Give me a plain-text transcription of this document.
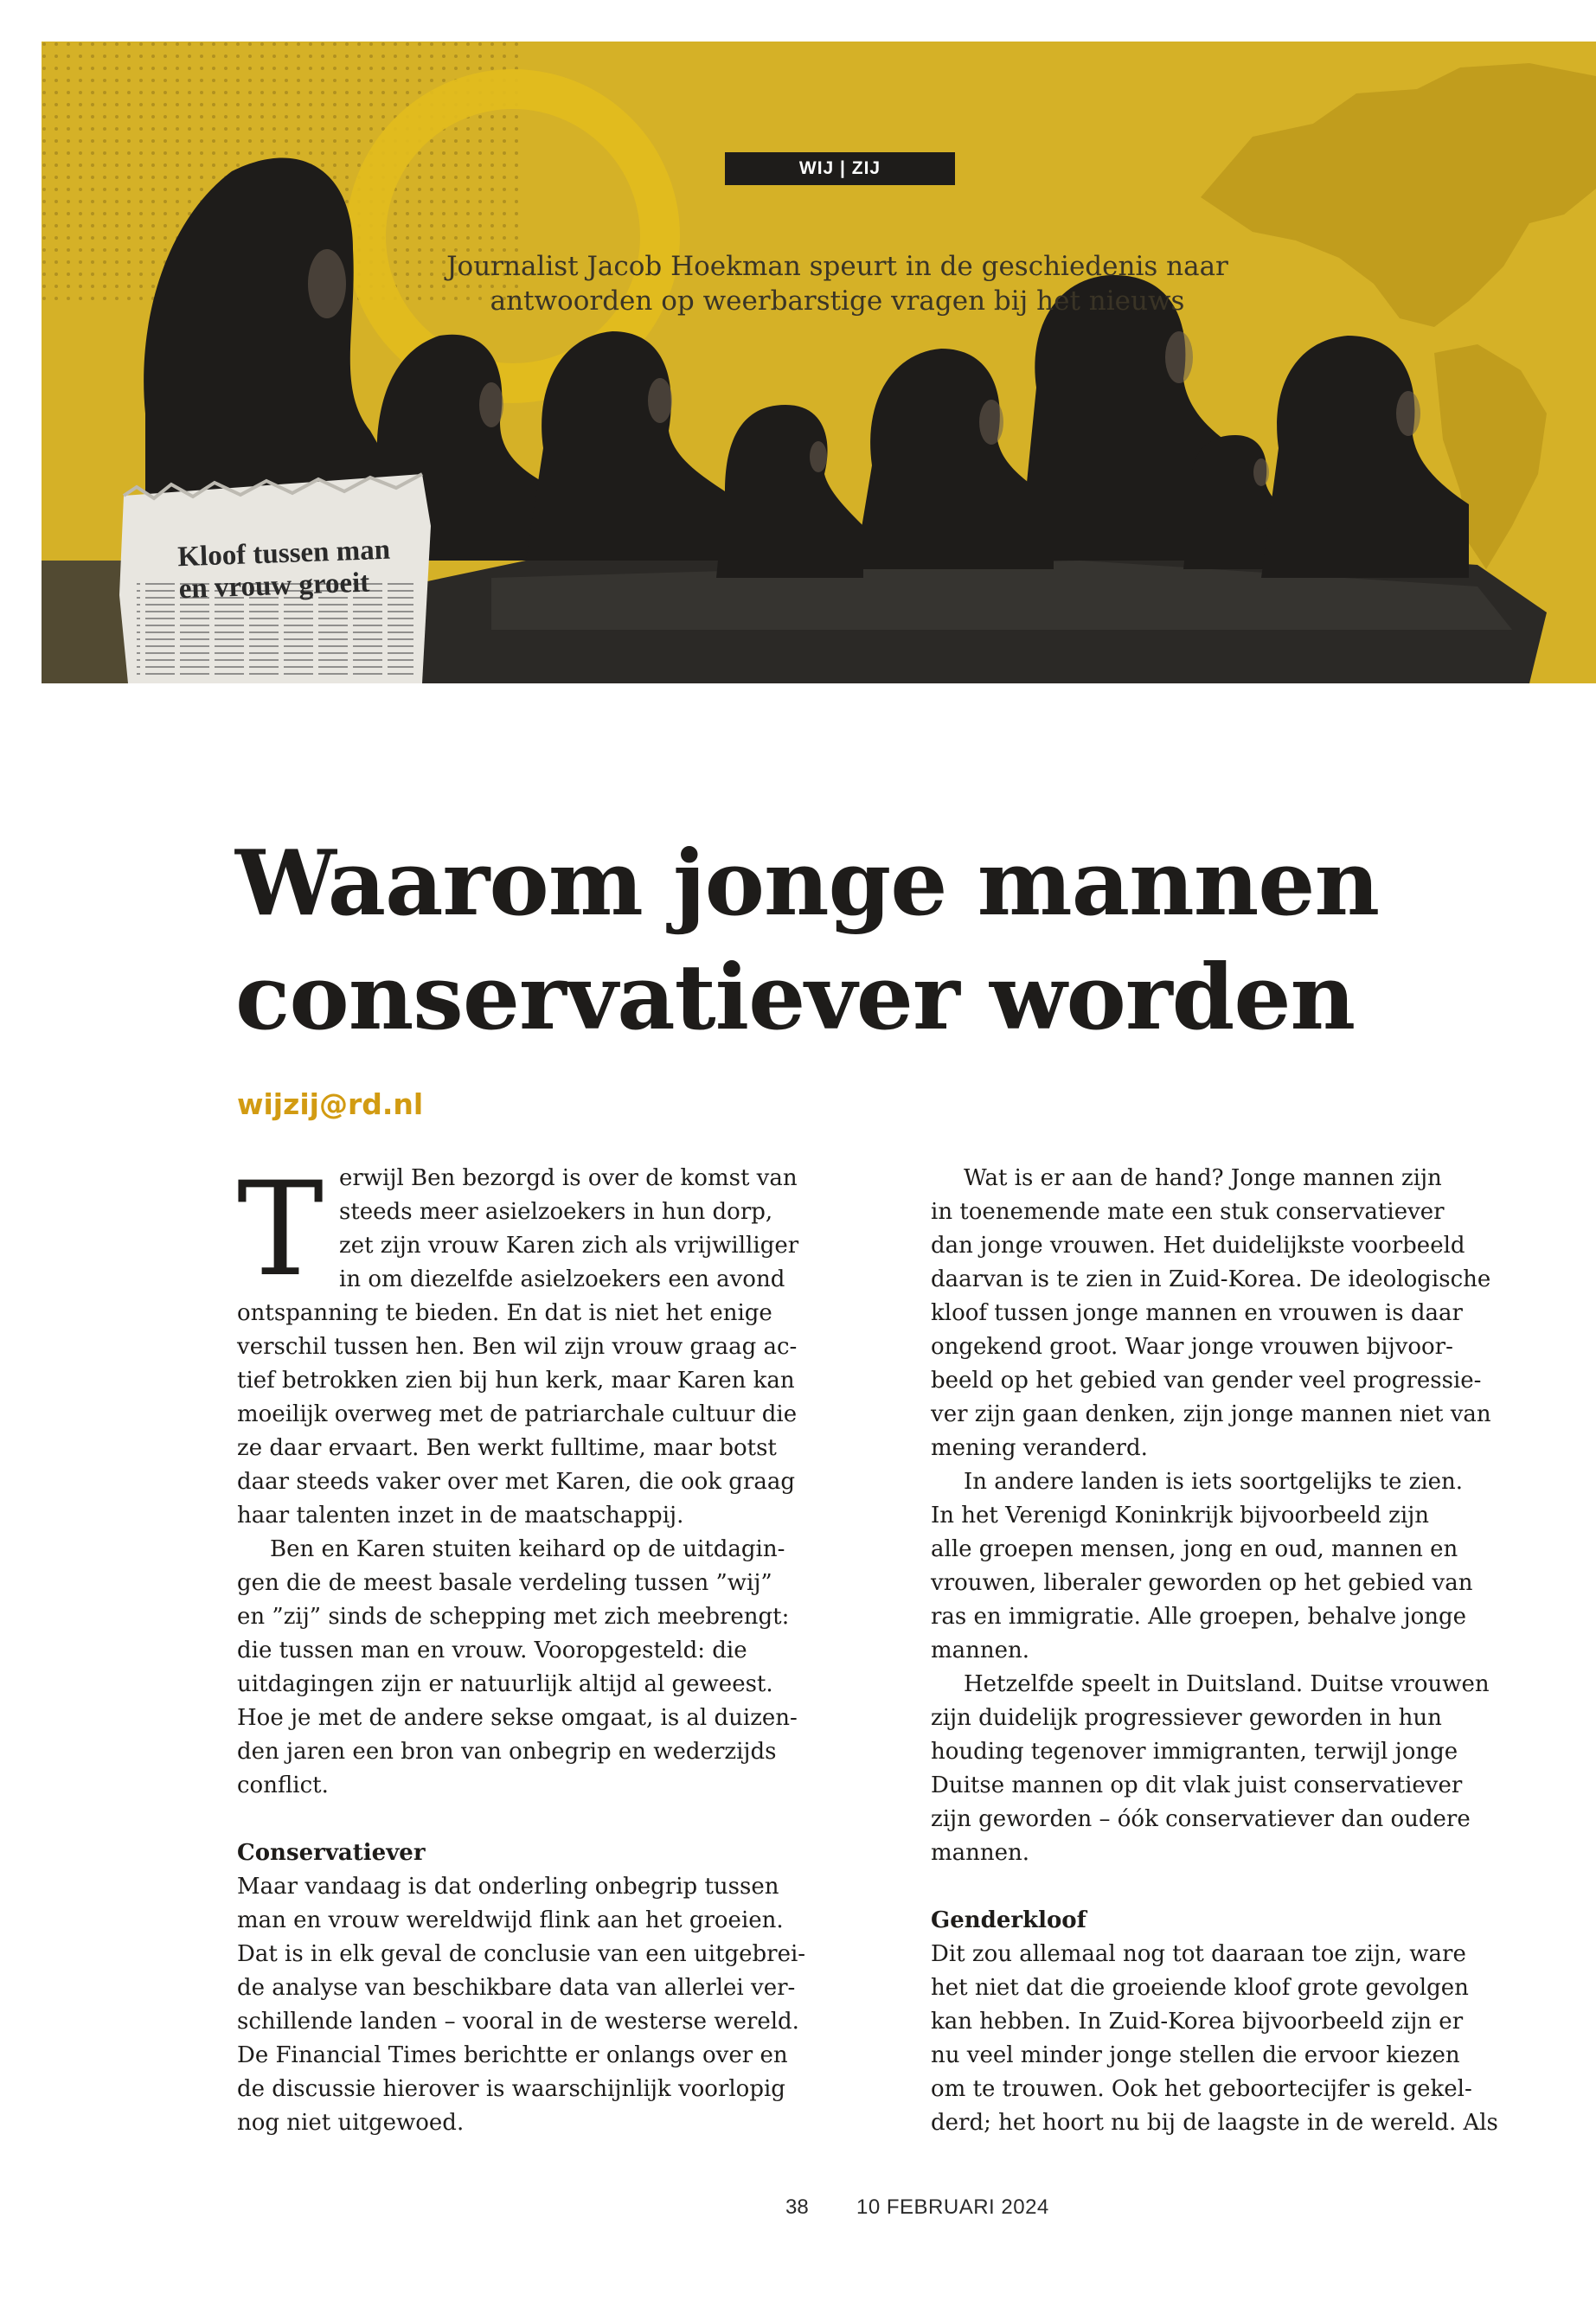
WIJ | ZIJ
Journalist Jacob Hoekman speurt in de geschiedenis naar
antwoorden op weerbarstige vragen bij het nieuws
Kloof tussen man
en vrouw groeit
Waarom jonge mannen
conservatiever worden
wijzij@rd.nl
T erwijl Ben bezorgd is over de komst van
steeds meer asielzoekers in hun dorp,
zet zijn vrouw Karen zich als vrijwilliger
in om diezelfde asielzoekers een avond
ontspanning te bieden. En dat is niet het enige
verschil tussen hen. Ben wil zijn vrouw graag ac-
tief betrokken zien bij hun kerk, maar Karen kan
moeilijk overweg met de patriarchale cultuur die
ze daar ervaart. Ben werkt fulltime, maar botst
daar steeds vaker over met Karen, die ook graag
haar talenten inzet in de maatschappij.
Ben en Karen stuiten keihard op de uitdagin-
gen die de meest basale verdeling tussen ”wij”
en ”zij” sinds de schepping met zich meebrengt:
die tussen man en vrouw. Vooropgesteld: die
uitdagingen zijn er natuurlijk altijd al geweest.
Hoe je met de andere sekse omgaat, is al duizen-
den jaren een bron van onbegrip en wederzijds
conflict.
Conservatiever
Maar vandaag is dat onderling onbegrip tussen
man en vrouw wereldwijd flink aan het groeien.
Dat is in elk geval de conclusie van een uitgebrei-
de analyse van beschikbare data van allerlei ver-
schillende landen – vooral in de westerse wereld.
De Financial Times berichtte er onlangs over en
de discussie hierover is waarschijnlijk voorlopig
nog niet uitgewoed.
Wat is er aan de hand? Jonge mannen zijn
in toenemende mate een stuk conservatiever
dan jonge vrouwen. Het duidelijkste voorbeeld
daarvan is te zien in Zuid-Korea. De ideologische
kloof tussen jonge mannen en vrouwen is daar
ongekend groot. Waar jonge vrouwen bijvoor-
beeld op het gebied van gender veel progressie-
ver zijn gaan denken, zijn jonge mannen niet van
mening veranderd.
In andere landen is iets soortgelijks te zien.
In het Verenigd Koninkrijk bijvoorbeeld zijn
alle groepen mensen, jong en oud, mannen en
vrouwen, liberaler geworden op het gebied van
ras en immigratie. Alle groepen, behalve jonge
mannen.
Hetzelfde speelt in Duitsland. Duitse vrouwen
zijn duidelijk progressiever geworden in hun
houding tegenover immigranten, terwijl jonge
Duitse mannen op dit vlak juist conservatiever
zijn geworden – óók conservatiever dan oudere
mannen.
Genderkloof
Dit zou allemaal nog tot daaraan toe zijn, ware
het niet dat die groeiende kloof grote gevolgen
kan hebben. In Zuid-Korea bijvoorbeeld zijn er
nu veel minder jonge stellen die ervoor kiezen
om te trouwen. Ook het geboortecijfer is gekel-
derd; het hoort nu bij de laagste in de wereld. Als
38 10 FEBRUARI 2024
